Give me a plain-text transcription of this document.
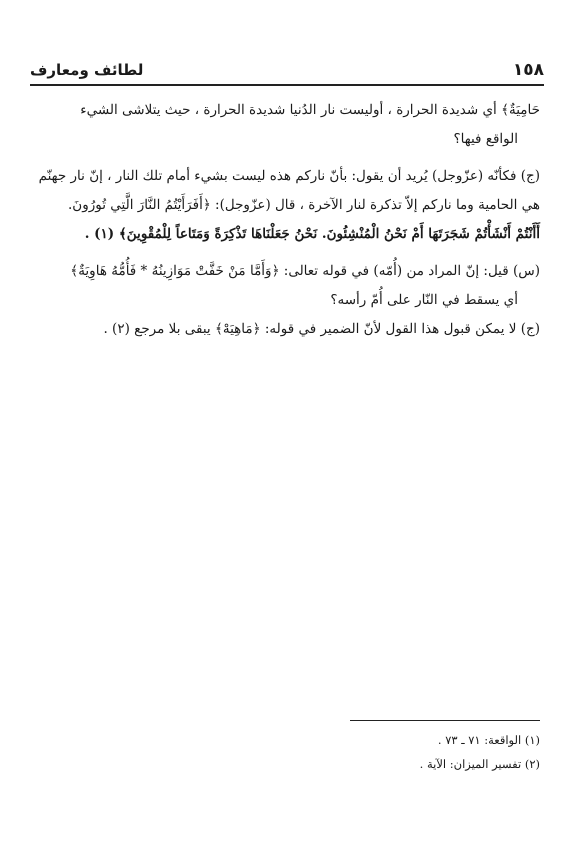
١٥٨
لطائف ومعارف

حَامِيَةٌ﴾ أي شديدة الحرارة ، أوليست نار الدُنيا شديدة الحرارة ، حيث يتلاشى الشيء

الواقع فيها؟

(ج) فكأنّه (عزّوجل) يُريد أن يقول: بأنّ ناركم هذه ليست بشيء أمام تلك النار ، إنّ نار جهنّم

هي الحامية وما ناركم إلاّ تذكرة لنار الآخرة ، قال (عزّوجل): ﴿أَفَرَأَيْتُمُ النَّارَ الَّتِي تُورُونَ.

أَأَنْتُمْ أَنْشَأْتُمْ شَجَرَتَهَا أَمْ نَحْنُ الْمُنْشِئُونَ. نَحْنُ جَعَلْنَاهَا تَذْكِرَةً وَمَتَاعاً لِلْمُقْوِينَ﴾ (١) .

(س) قيل: إنّ المراد من (أُمّه) في قوله تعالى: ﴿وَأَمَّا مَنْ خَفَّتْ مَوَازِينُهُ * فَأُمُّهُ هَاوِيَةٌ﴾

أي يسقط في النّار على أُمّ رأسه؟

(ج) لا يمكن قبول هذا القول لأنّ الضمير في قوله: ﴿مَاهِيَهْ﴾ يبقى بلا مرجع (٢) .

(١) الواقعة: ٧١ ـ ٧٣ .
(٢) تفسير الميزان: الآية .
